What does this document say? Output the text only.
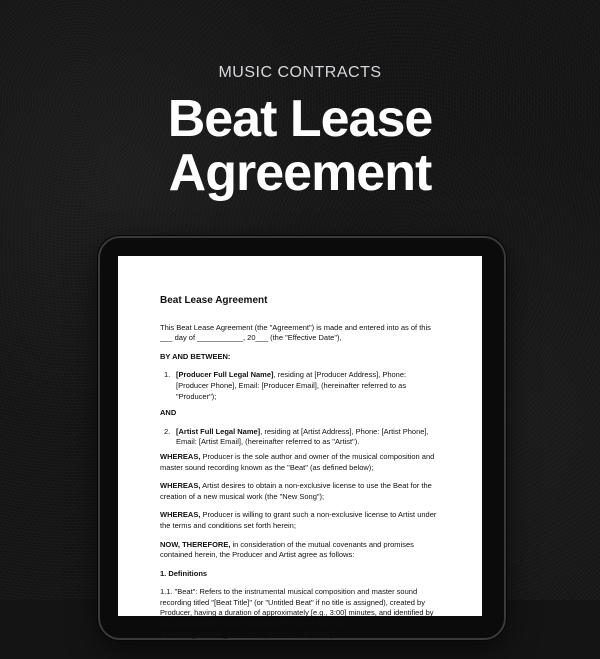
MUSIC CONTRACTS
Beat Lease
Agreement
Beat Lease Agreement

This Beat Lease Agreement (the "Agreement") is made and entered into as of this ___ day of ___________, 20___ (the "Effective Date"),

BY AND BETWEEN:

1. [Producer Full Legal Name], residing at [Producer Address], Phone: [Producer Phone], Email: [Producer Email], (hereinafter referred to as "Producer");

AND

2. [Artist Full Legal Name], residing at [Artist Address], Phone: [Artist Phone], Email: [Artist Email], (hereinafter referred to as "Artist").

WHEREAS, Producer is the sole author and owner of the musical composition and master sound recording known as the "Beat" (as defined below);

WHEREAS, Artist desires to obtain a non-exclusive license to use the Beat for the creation of a new musical work (the "New Song");

WHEREAS, Producer is willing to grant such a non-exclusive license to Artist under the terms and conditions set forth herein;

NOW, THEREFORE, in consideration of the mutual covenants and promises contained herein, the Producer and Artist agree as follows:

1. Definitions

1.1. "Beat": Refers to the instrumental musical composition and master sound recording titled "[Beat Title]" (or "Untitled Beat" if no title is assigned), created by Producer, having a duration of approximately [e.g., 3:00] minutes, and identified by any associated file names or internal Producer IDs: [e.g., "BeatTitle_120bpm_Cmin.wav" / Producer ID: P001].

1.2. "New Song": Refers to the musical work created by Artist incorporating the Beat
